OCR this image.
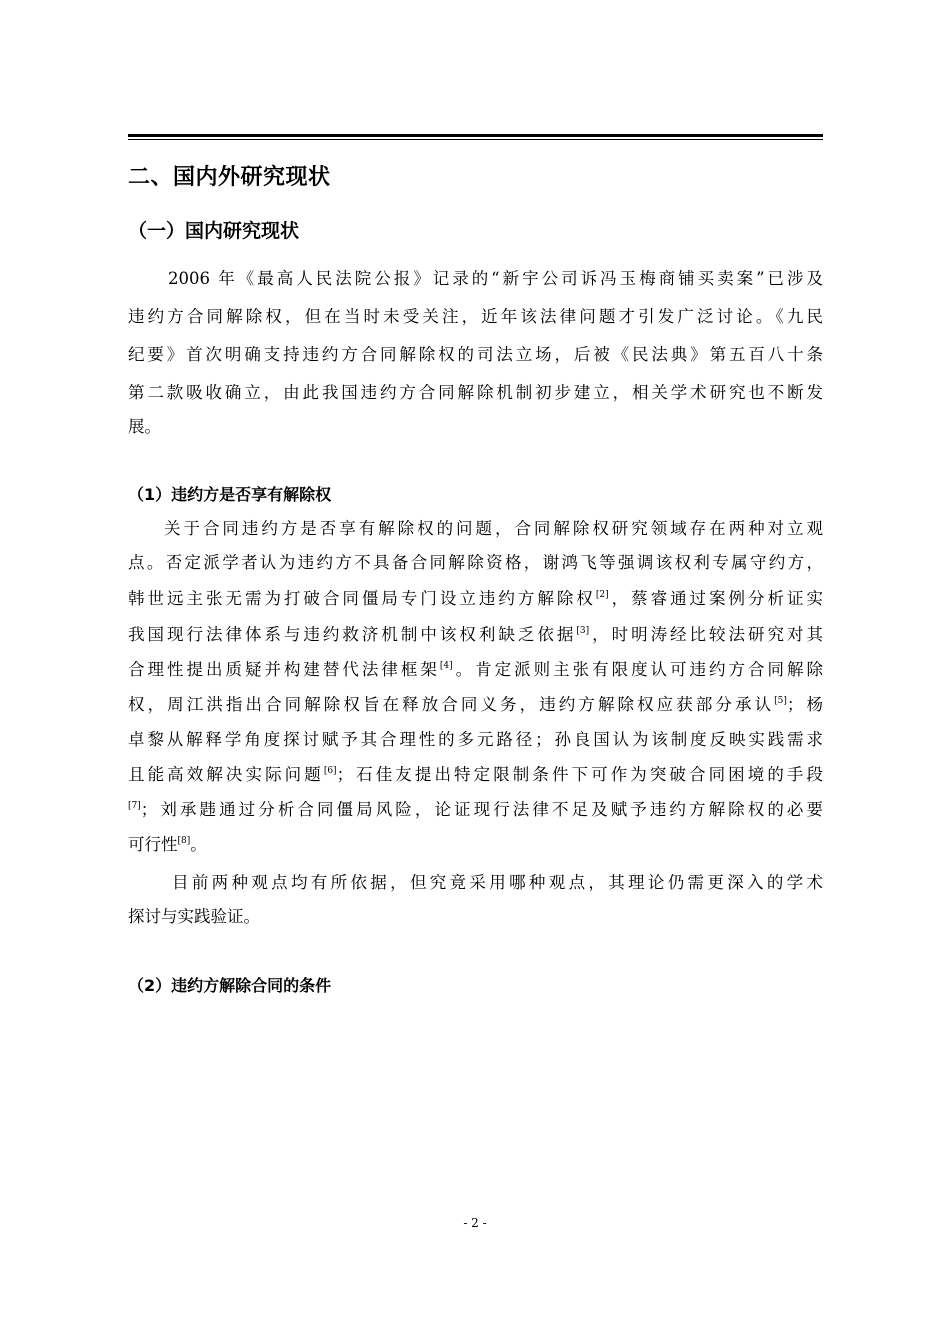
二、国内外研究现状
（一）国内研究现状
2006 年《最高人民法院公报》记录的“新宇公司诉冯玉梅商铺买卖案”已涉及
违约方合同解除权，但在当时未受关注，近年该法律问题才引发广泛讨论。《九民
纪要》首次明确支持违约方合同解除权的司法立场，后被《民法典》第五百八十条
第二款吸收确立，由此我国违约方合同解除机制初步建立，相关学术研究也不断发
展。
（1）违约方是否享有解除权
关于合同违约方是否享有解除权的问题，合同解除权研究领域存在两种对立观
点。否定派学者认为违约方不具备合同解除资格，谢鸿飞等强调该权利专属守约方，
韩世远主张无需为打破合同僵局专门设立违约方解除权[2]，蔡睿通过案例分析证实
我国现行法律体系与违约救济机制中该权利缺乏依据[3]，时明涛经比较法研究对其
合理性提出质疑并构建替代法律框架[4]。肯定派则主张有限度认可违约方合同解除
权，周江洪指出合同解除权旨在释放合同义务，违约方解除权应获部分承认[5]；杨
卓黎从解释学角度探讨赋予其合理性的多元路径；孙良国认为该制度反映实践需求
且能高效解决实际问题[6]；石佳友提出特定限制条件下可作为突破合同困境的手段
[7]；刘承韪通过分析合同僵局风险，论证现行法律不足及赋予违约方解除权的必要
可行性[8]。
目前两种观点均有所依据，但究竟采用哪种观点，其理论仍需更深入的学术
探讨与实践验证。
（2）违约方解除合同的条件
- 2 -
